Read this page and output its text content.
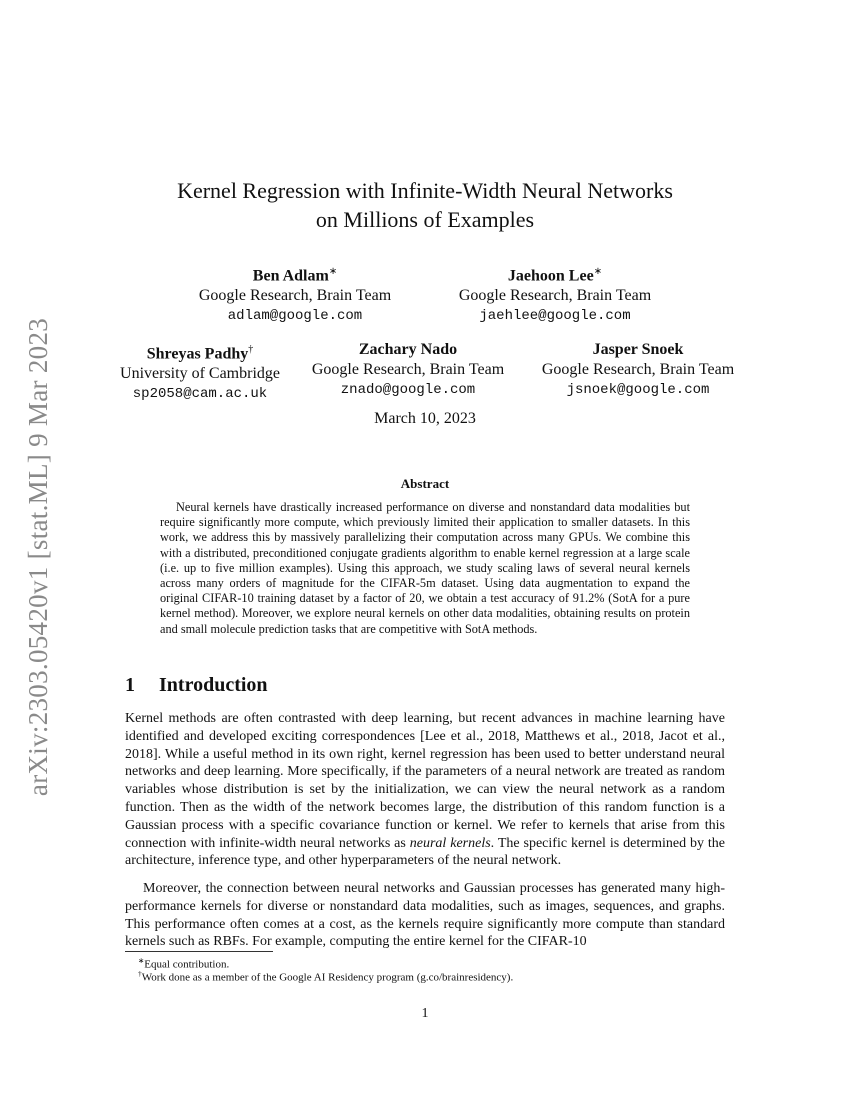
arXiv:2303.05420v1 [stat.ML] 9 Mar 2023
Kernel Regression with Infinite-Width Neural Networks
on Millions of Examples
Ben Adlam∗
Google Research, Brain Team
adlam@google.com
Jaehoon Lee∗
Google Research, Brain Team
jaehlee@google.com
Shreyas Padhy†
University of Cambridge
sp2058@cam.ac.uk
Zachary Nado
Google Research, Brain Team
znado@google.com
Jasper Snoek
Google Research, Brain Team
jsnoek@google.com
March 10, 2023
Abstract
Neural kernels have drastically increased performance on diverse and nonstandard data modalities but require significantly more compute, which previously limited their application to smaller datasets. In this work, we address this by massively parallelizing their computation across many GPUs. We combine this with a distributed, preconditioned conjugate gradients algorithm to enable kernel regression at a large scale (i.e. up to five million examples). Using this approach, we study scaling laws of several neural kernels across many orders of magnitude for the CIFAR-5m dataset. Using data augmentation to expand the original CIFAR-10 training dataset by a factor of 20, we obtain a test accuracy of 91.2% (SotA for a pure kernel method). Moreover, we explore neural kernels on other data modalities, obtaining results on protein and small molecule prediction tasks that are competitive with SotA methods.
1 Introduction
Kernel methods are often contrasted with deep learning, but recent advances in machine learning have identified and developed exciting correspondences [Lee et al., 2018, Matthews et al., 2018, Jacot et al., 2018]. While a useful method in its own right, kernel regression has been used to better understand neural networks and deep learning. More specifically, if the parameters of a neural network are treated as random variables whose distribution is set by the initialization, we can view the neural network as a random function. Then as the width of the network becomes large, the distribution of this random function is a Gaussian process with a specific covariance function or kernel. We refer to kernels that arise from this connection with infinite-width neural networks as neural kernels. The specific kernel is determined by the architecture, inference type, and other hyperparameters of the neural network.
Moreover, the connection between neural networks and Gaussian processes has generated many high-performance kernels for diverse or nonstandard data modalities, such as images, sequences, and graphs. This performance often comes at a cost, as the kernels require significantly more compute than standard kernels such as RBFs. For example, computing the entire kernel for the CIFAR-10
∗Equal contribution.
†Work done as a member of the Google AI Residency program (g.co/brainresidency).
1
